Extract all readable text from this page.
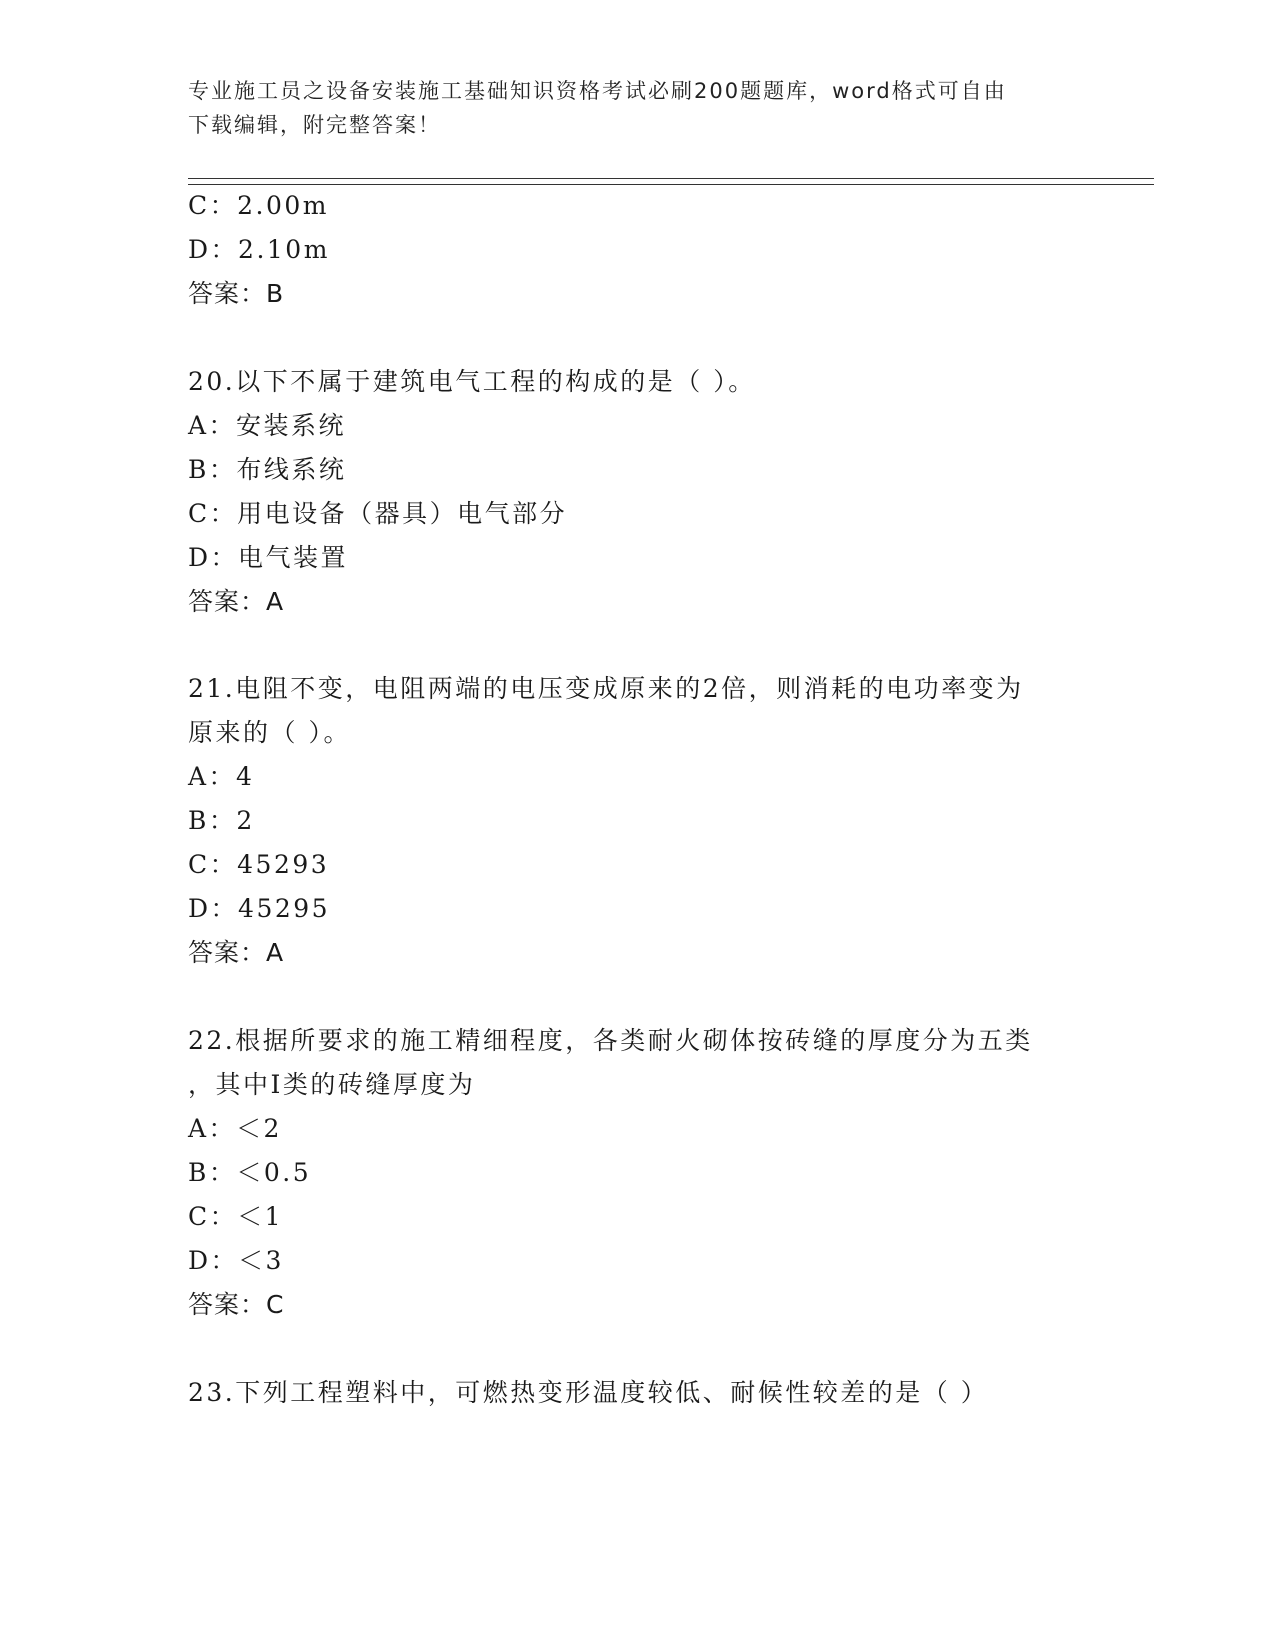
专业施工员之设备安装施工基础知识资格考试必刷200题题库，word格式可自由
下载编辑，附完整答案！
C：2.00m
D：2.10m
答案：B
20.以下不属于建筑电气工程的构成的是（ ）。
A：安装系统
B：布线系统
C：用电设备（器具）电气部分
D：电气装置
答案：A
21.电阻不变，电阻两端的电压变成原来的2倍，则消耗的电功率变为
原来的（ ）。
A：4
B：2
C：45293
D：45295
答案：A
22.根据所要求的施工精细程度，各类耐火砌体按砖缝的厚度分为五类
，其中Ⅰ类的砖缝厚度为
A：＜2
B：＜0.5
C：＜1
D：＜3
答案：C
23.下列工程塑料中，可燃热变形温度较低、耐候性较差的是（ ）
